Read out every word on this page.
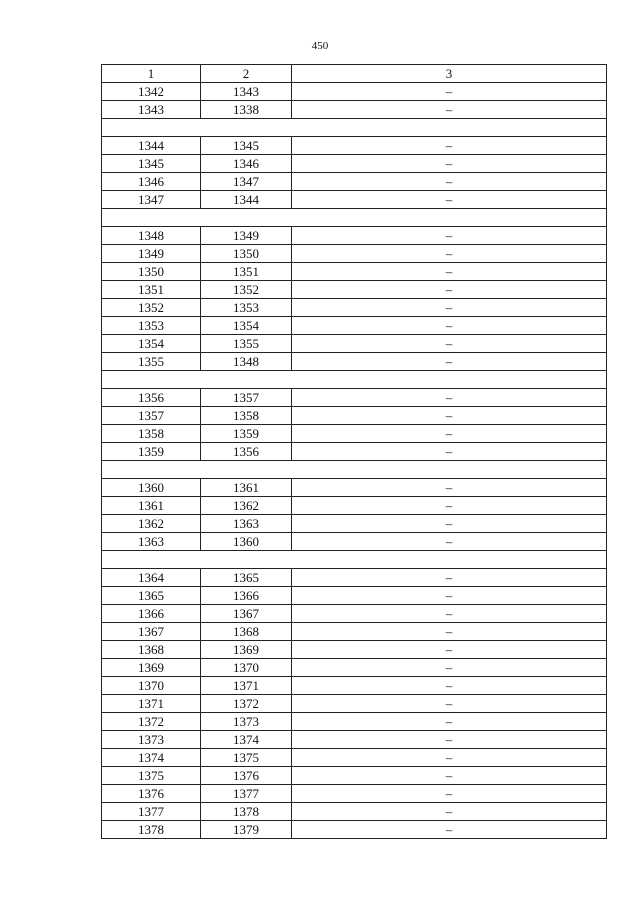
450
1	2	3
1342	1343	–
1343	1338	–

1344	1345	–
1345	1346	–
1346	1347	–
1347	1344	–

1348	1349	–
1349	1350	–
1350	1351	–
1351	1352	–
1352	1353	–
1353	1354	–
1354	1355	–
1355	1348	–

1356	1357	–
1357	1358	–
1358	1359	–
1359	1356	–

1360	1361	–
1361	1362	–
1362	1363	–
1363	1360	–

1364	1365	–
1365	1366	–
1366	1367	–
1367	1368	–
1368	1369	–
1369	1370	–
1370	1371	–
1371	1372	–
1372	1373	–
1373	1374	–
1374	1375	–
1375	1376	–
1376	1377	–
1377	1378	–
1378	1379	–
